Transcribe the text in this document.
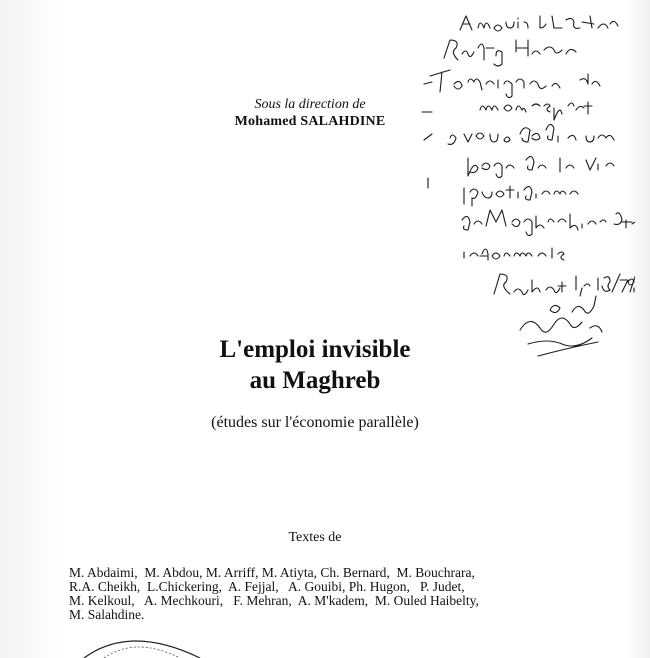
Sous la direction de
Mohamed SALAHDINE
L'emploi invisible
au Maghreb
(études sur l'économie parallèle)
Textes de
M. Abdaimi,  M. Abdou, M. Arriff, M. Atiyta, Ch. Bernard,  M. Bouchrara,
R.A. Cheikh,  L.Chickering,  A. Fejjal,   A. Gouibi, Ph. Hugon,   P. Judet,
M. Kelkoul,   A. Mechkouri,   F. Mehran,  A. M'kadem,  M. Ouled Haibelty,
M. Salahdine.
